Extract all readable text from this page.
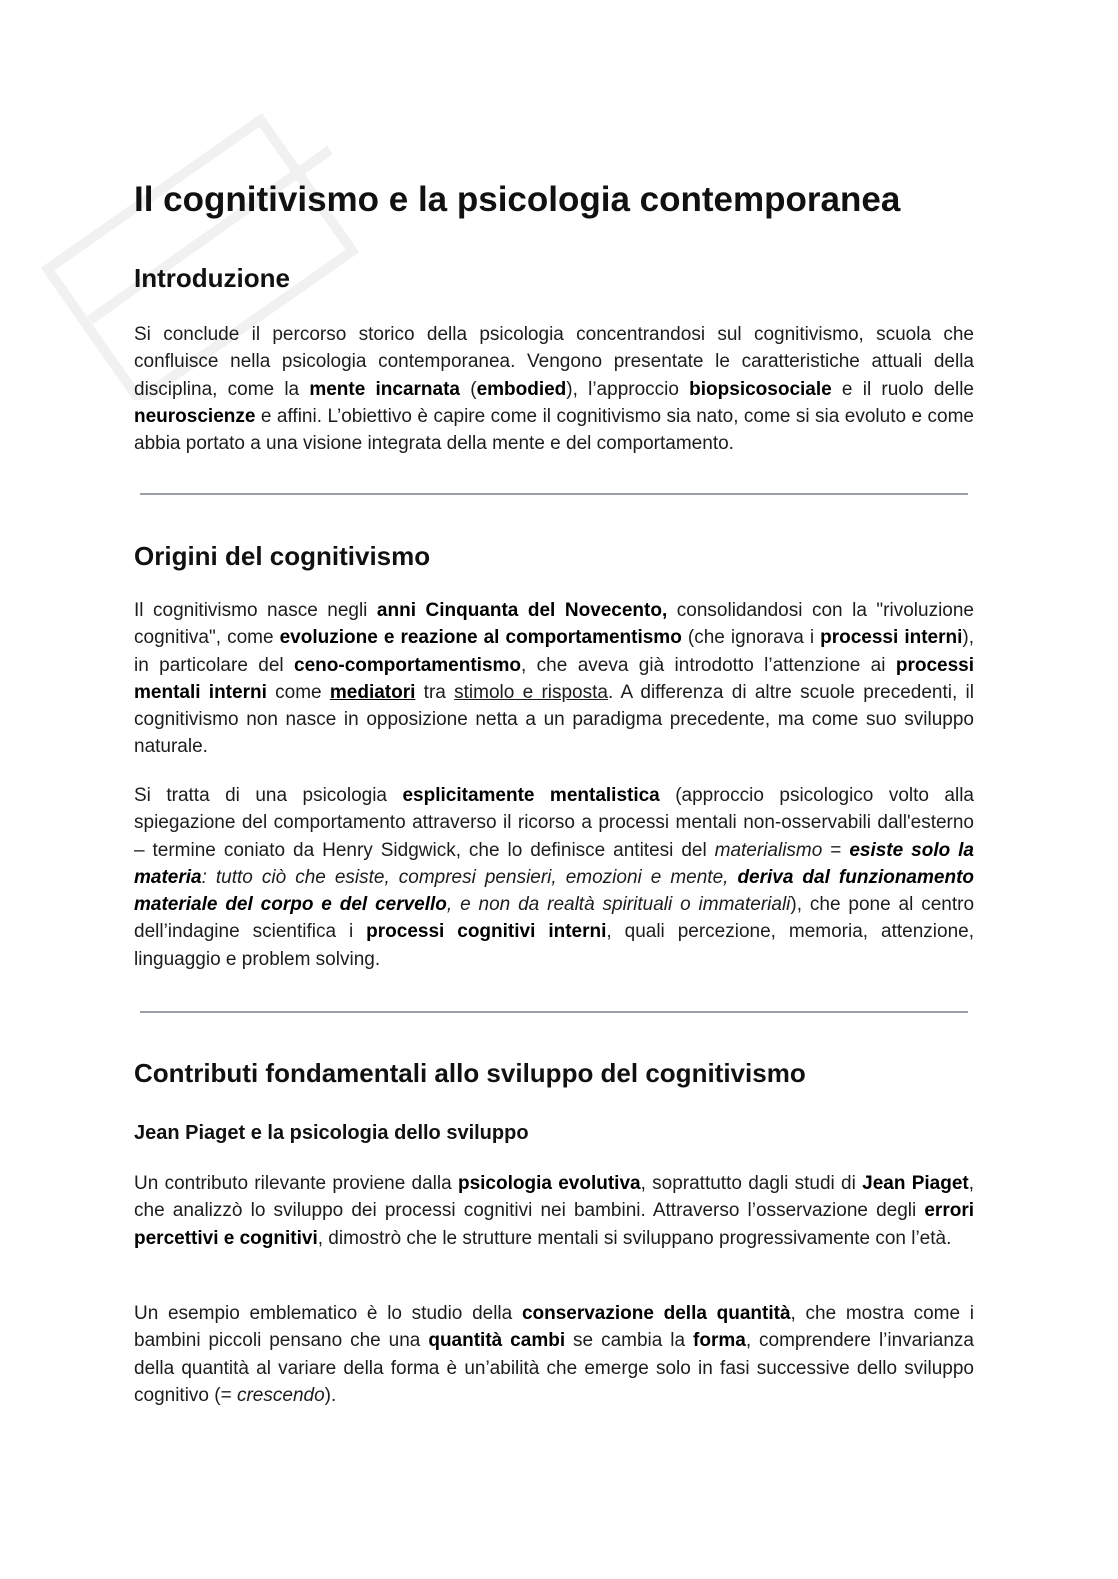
Il cognitivismo e la psicologia contemporanea
Introduzione

Si conclude il percorso storico della psicologia concentrandosi sul cognitivismo, scuola che confluisce nella psicologia contemporanea. Vengono presentate le caratteristiche attuali della disciplina, come la mente incarnata (embodied), l’approccio biopsicosociale e il ruolo delle neuroscienze e affini. L’obiettivo è capire come il cognitivismo sia nato, come si sia evoluto e come abbia portato a una visione integrata della mente e del comportamento.

Origini del cognitivismo

Il cognitivismo nasce negli anni Cinquanta del Novecento, consolidandosi con la "rivoluzione cognitiva", come evoluzione e reazione al comportamentismo (che ignorava i processi interni), in particolare del ceno-comportamentismo, che aveva già introdotto l’attenzione ai processi mentali interni come mediatori tra stimolo e risposta. A differenza di altre scuole precedenti, il cognitivismo non nasce in opposizione netta a un paradigma precedente, ma come suo sviluppo naturale.

Si tratta di una psicologia esplicitamente mentalistica (approccio psicologico volto alla spiegazione del comportamento attraverso il ricorso a processi mentali non-osservabili dall'esterno – termine coniato da Henry Sidgwick, che lo definisce antitesi del materialismo = esiste solo la materia: tutto ciò che esiste, compresi pensieri, emozioni e mente, deriva dal funzionamento materiale del corpo e del cervello, e non da realtà spirituali o immateriali), che pone al centro dell’indagine scientifica i processi cognitivi interni, quali percezione, memoria, attenzione, linguaggio e problem solving.

Contributi fondamentali allo sviluppo del cognitivismo
Jean Piaget e la psicologia dello sviluppo

Un contributo rilevante proviene dalla psicologia evolutiva, soprattutto dagli studi di Jean Piaget, che analizzò lo sviluppo dei processi cognitivi nei bambini. Attraverso l’osservazione degli errori percettivi e cognitivi, dimostrò che le strutture mentali si sviluppano progressivamente con l’età.

Un esempio emblematico è lo studio della conservazione della quantità, che mostra come i bambini piccoli pensano che una quantità cambi se cambia la forma, comprendere l’invarianza della quantità al variare della forma è un’abilità che emerge solo in fasi successive dello sviluppo cognitivo (= crescendo).
